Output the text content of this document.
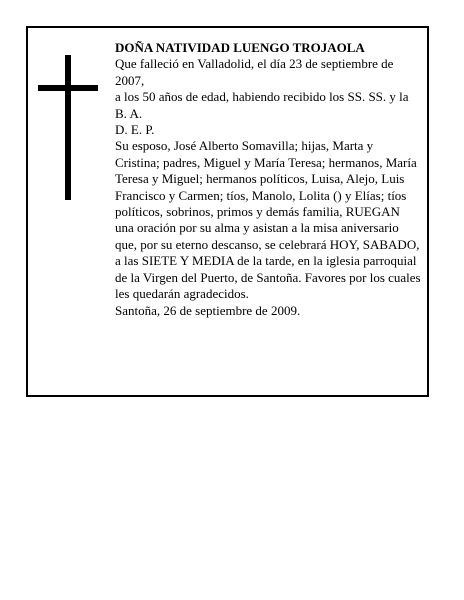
DOÑA NATIVIDAD LUENGO TROJAOLA

Que falleció en Valladolid, el día 23 de septiembre de 2007,

a los 50 años de edad, habiendo recibido los SS. SS. y la B. A.

D. E. P.

Su esposo, José Alberto Somavilla; hijas, Marta y Cristina; padres, Miguel y María Teresa; hermanos, María Teresa y Miguel; hermanos políticos, Luisa, Alejo, Luis Francisco y Carmen; tíos, Manolo, Lolita () y Elías; tíos políticos, sobrinos, primos y demás familia, RUEGAN una oración por su alma y asistan a la misa aniversario que, por su eterno descanso, se celebrará HOY, SABADO, a las SIETE Y MEDIA de la tarde, en la iglesia parroquial de la Virgen del Puerto, de Santoña. Favores por los cuales les quedarán agradecidos.

Santoña, 26 de septiembre de 2009.
